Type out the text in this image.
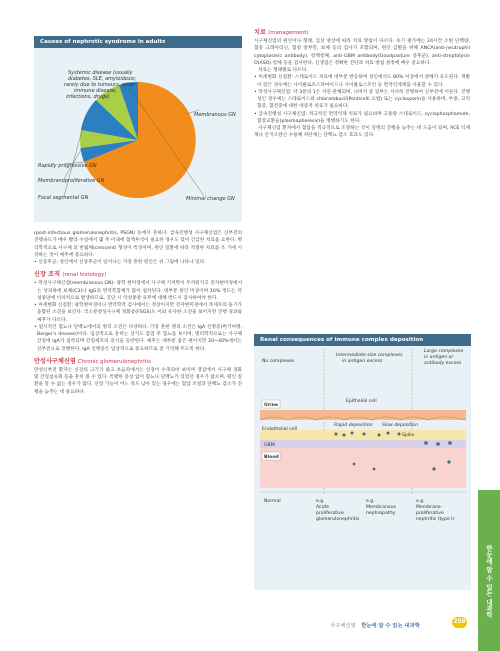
Causes of nephrotic syndrome in adults
Systemic disease (usually diabetes, SLE, amyloidosis; rarely due to tumours, other immune disease, infections, drugs)
Membranous GN
Rapidly progressive GN
Membranoproliferative GN
Focal segmental GN	Minimal change GN

(post-infectious glomerulonephritis, PSGN) 등에서 흔하다. 급속진행성 사구체신염은 신부전의 진행속도가 매우 빨라 수일에서 몇 주 이내에 혈액투석이 필요한 경우도 있어 긴급한 치료를 요한다. 병리학적으로 사구체 의 반월체(crescent) 형성이 특징이며, 원인 질환에 따라 적절한 치료를 조 기에 시작하는 것이 예후에 중요하다.

• 신증후군: 성인에서 신증후군이 일어나는 가장 흔한 원인은 위 그림에 나타나 있다.

신장 조직 (renal histology)

• 막성사구체신염(membranous GN): 광학 현미경에서 사구체 기저막이 두꺼워지고 전자현미경에서는 상피하에 보체(C3)나 IgG의 면역복합체가 많이 침착된다. 대부분 원인 미상이며 10% 정도는 악성종양에 이차적으로 발생하므로, 진단 시 악성종양 유무에 대해 반드시 검사하여야 한다.

• 미세변화 신질환: 광학현미경이나 면역학적 검사에서는 정상이지만 전자현미경에서 족세포의 돌기가 융합된 소견을 보인다. 국소분절성사구체 경화증(FSGS)도 이와 유사한 소견을 보이지만 진행 경과와 예후가 다르다.

• 일시적인 혈뇨나 단백뇨에서의 병리 소견은 다양하다. 가장 흔한 병리 소견은 IgA 신병증(버거씨병, Berger's disease)이다. 임상적으로 흔히는 상기도 감염 후 혈뇨를 보이며, 병리학적으로는 사구체 간질에 IgA가 침착되며 간질세포의 증식을 동반한다. 예후는 대부분 좋은 편이지만 20~40%에서는 신부전으로 진행한다. IgA 신병증은 임상적으로 중요하므로 잘 기억해 두도록 한다.

만성사구체신염 Chronic glomerulonephritis

만성신부전 환자는 신장의 크기가 줄고 초음파에서는 신장이 수축되어 보이며 생검에서 사구체 경화 및 간질섬유화 등을 흔히 볼 수 있다. 특별한 증상 없이 혈뇨나 단백뇨가 있었던 경우가 많으며, 원인 질환을 알 수 없는 경우가 많다. 신장 기능이 어느 정도 남아 있는 경우에는 혈압 조절과 단백뇨 감소가 진행을 늦추는 데 중요하다.

치료 (management)

사구체신염의 원인이나 형태, 임상 양상에 따라 치료 방침이 다르다. 초기 평가에는 24시간 소변 단백량, 혈중 크레아티닌, 혈청 알부민, 보체 등의 검사가 포함되며, 원인 감별을 위해 ANCA(anti-neutrophil cytoplasmic antibody), 항핵항체, anti-GBM antibody(Goodpasture 증후군), anti-streptolysin O(ASO) 항체 등을 검사한다. 신생검은 정확한 진단과 치료 방침 결정에 매우 중요하다.

치료는 형태별로 다르다.

• 미세변화 신질환: 스테로이드 치료에 대부분 반응하며 성인에서도 80% 이상에서 관해가 유도된다. 재발이 잦은 경우에는 사이클로포스파마이드나 사이클로스포린 등 면역억제제를 사용할 수 있다.

• 막성사구체신염: 약 3분의 1은 자연 관해되며, 나머지 중 일부는 서서히 진행하여 신부전에 이른다. 진행성인 경우에는 스테로이드와 chlorambucil(Ponticelli 요법) 또는 cyclosporin을 사용하며, 부종, 고지혈증, 혈전증에 대한 대증적 치료가 필요하다.

• 급속진행성 사구체신염: 적극적인 면역억제 치료가 필요하며 고용량 스테로이드, cyclophosphamide, 혈장교환술(plasmapheresis)을 병행하기도 한다.

사구체신염 환자에서 혈압을 적극적으로 조절하는 것이 질병의 진행을 늦추는 데 도움이 되며, ACE 억제제나 안지오텐신 수용체 차단제는 단백뇨 감소 효과도 있다.

Renal consequences of immune complex deposition
No complexes
Intermediate-size complexes in antigen excess
Large complexes in antigen or antibody excess
Urine
Endothelial cell
GBM
Blood
Epithelial cell
Rapid deposition Slow deposition
Spike
Normal	e.g. Acute proliferative glomerulonephritis
e.g. Membranous nephropathy
e.g. Membrano- proliferative nephritis (type I)
한눈에 알 수 있는 내과학
사구체신염 한눈에 알 수 있는 내과학
259
